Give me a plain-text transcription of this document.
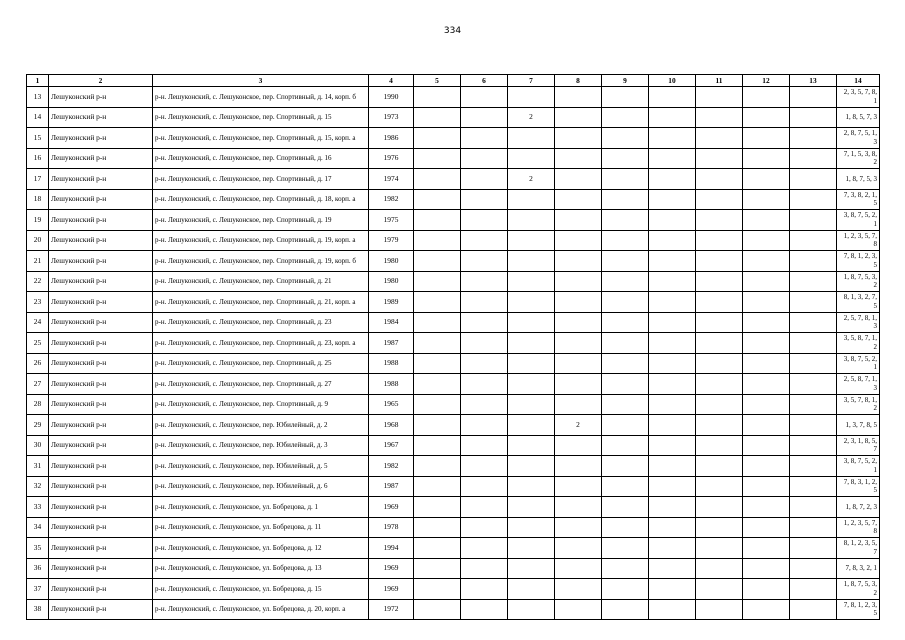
334
1	2	3	4	5	6	7	8	9	10	11	12	13	14
13	Лешуконский р-н	р-н. Лешуконский, с. Лешуконское, пер. Спортивный, д. 14, корп. б	1990										2, 3, 5, 7, 8, 1
14	Лешуконский р-н	р-н. Лешуконский, с. Лешуконское, пер. Спортивный, д. 15	1973			2							1, 8, 5, 7, 3
15	Лешуконский р-н	р-н. Лешуконский, с. Лешуконское, пер. Спортивный, д. 15, корп. а	1986										2, 8, 7, 5, 1, 3
16	Лешуконский р-н	р-н. Лешуконский, с. Лешуконское, пер. Спортивный, д. 16	1976										7, 1, 5, 3, 8, 2
17	Лешуконский р-н	р-н. Лешуконский, с. Лешуконское, пер. Спортивный, д. 17	1974			2							1, 8, 7, 5, 3
18	Лешуконский р-н	р-н. Лешуконский, с. Лешуконское, пер. Спортивный, д. 18, корп. а	1982										7, 3, 8, 2, 1, 5
19	Лешуконский р-н	р-н. Лешуконский, с. Лешуконское, пер. Спортивный, д. 19	1975										3, 8, 7, 5, 2, 1
20	Лешуконский р-н	р-н. Лешуконский, с. Лешуконское, пер. Спортивный, д. 19, корп. а	1979										1, 2, 3, 5, 7, 8
21	Лешуконский р-н	р-н. Лешуконский, с. Лешуконское, пер. Спортивный, д. 19, корп. б	1980										7, 8, 1, 2, 3, 5
22	Лешуконский р-н	р-н. Лешуконский, с. Лешуконское, пер. Спортивный, д. 21	1980										1, 8, 7, 5, 3, 2
23	Лешуконский р-н	р-н. Лешуконский, с. Лешуконское, пер. Спортивный, д. 21, корп. а	1989										8, 1, 3, 2, 7, 5
24	Лешуконский р-н	р-н. Лешуконский, с. Лешуконское, пер. Спортивный, д. 23	1984										2, 5, 7, 8, 1, 3
25	Лешуконский р-н	р-н. Лешуконский, с. Лешуконское, пер. Спортивный, д. 23, корп. а	1987										3, 5, 8, 7, 1, 2
26	Лешуконский р-н	р-н. Лешуконский, с. Лешуконское, пер. Спортивный, д. 25	1988										3, 8, 7, 5, 2, 1
27	Лешуконский р-н	р-н. Лешуконский, с. Лешуконское, пер. Спортивный, д. 27	1988										2, 5, 8, 7, 1, 3
28	Лешуконский р-н	р-н. Лешуконский, с. Лешуконское, пер. Спортивный, д. 9	1965										3, 5, 7, 8, 1, 2
29	Лешуконский р-н	р-н. Лешуконский, с. Лешуконское, пер. Юбилейный, д. 2	1968				2						1, 3, 7, 8, 5
30	Лешуконский р-н	р-н. Лешуконский, с. Лешуконское, пер. Юбилейный, д. 3	1967										2, 3, 1, 8, 5, 7
31	Лешуконский р-н	р-н. Лешуконский, с. Лешуконское, пер. Юбилейный, д. 5	1982										3, 8, 7, 5, 2, 1
32	Лешуконский р-н	р-н. Лешуконский, с. Лешуконское, пер. Юбилейный, д. 6	1987										7, 8, 3, 1, 2, 5
33	Лешуконский р-н	р-н. Лешуконский, с. Лешуконское, ул. Бобрецова, д. 1	1969										1, 8, 7, 2, 3
34	Лешуконский р-н	р-н. Лешуконский, с. Лешуконское, ул. Бобрецова, д. 11	1978										1, 2, 3, 5, 7, 8
35	Лешуконский р-н	р-н. Лешуконский, с. Лешуконское, ул. Бобрецова, д. 12	1994										8, 1, 2, 3, 5, 7
36	Лешуконский р-н	р-н. Лешуконский, с. Лешуконское, ул. Бобрецова, д. 13	1969										7, 8, 3, 2, 1
37	Лешуконский р-н	р-н. Лешуконский, с. Лешуконское, ул. Бобрецова, д. 15	1969										1, 8, 7, 5, 3, 2
38	Лешуконский р-н	р-н. Лешуконский, с. Лешуконское, ул. Бобрецова, д. 20, корп. а	1972										7, 8, 1, 2, 3, 5
